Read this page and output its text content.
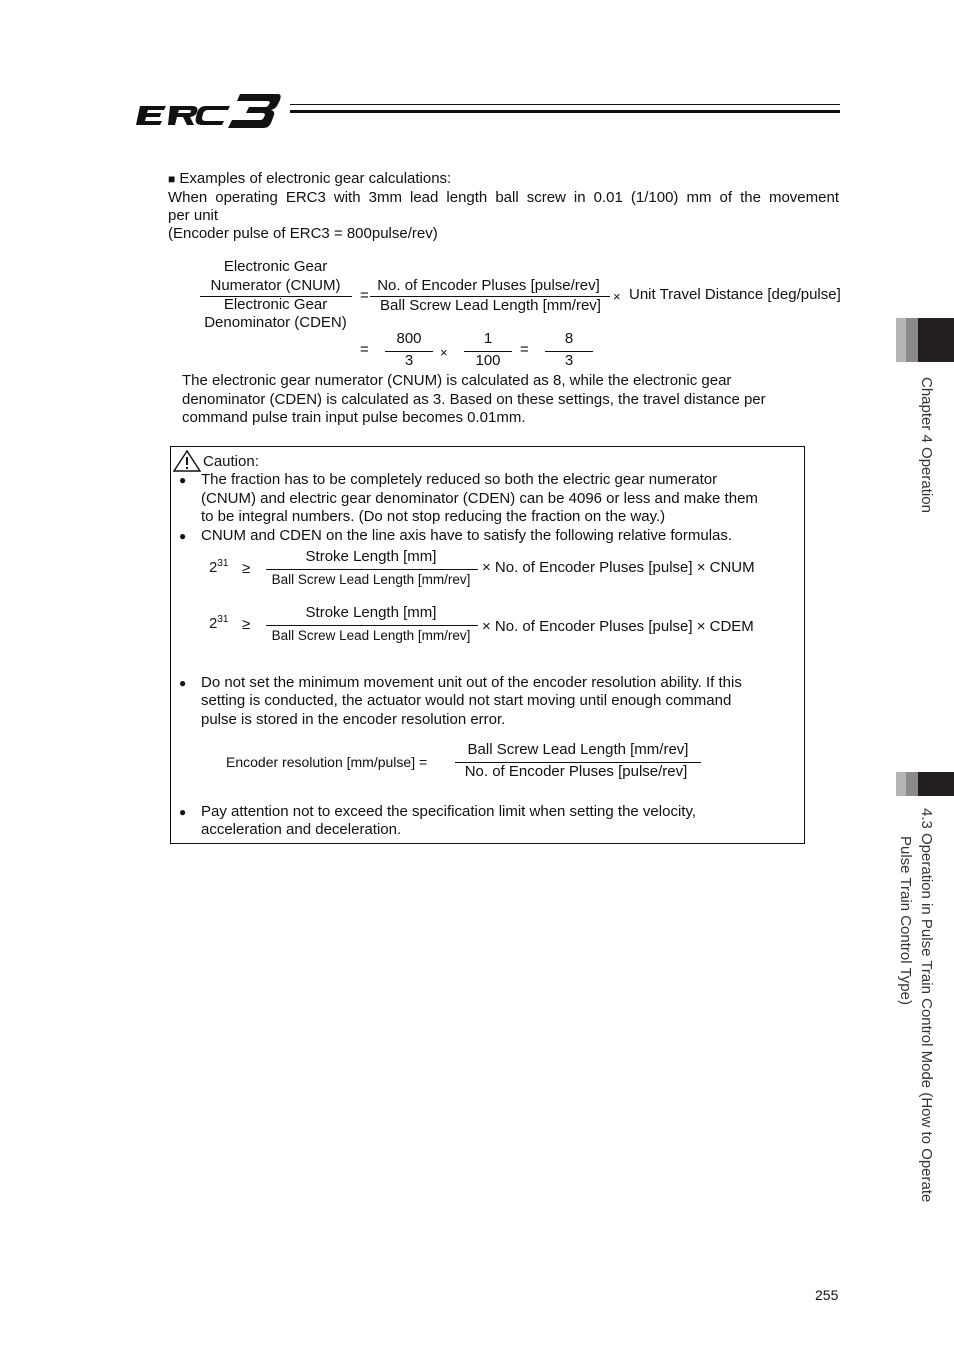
■ Examples of electronic gear calculations:
When operating ERC3 with 3mm lead length ball screw in 0.01 (1/100) mm of the movement
per unit
(Encoder pulse of ERC3 = 800pulse/rev)
Electronic Gear
Numerator (CNUM)
Electronic Gear
Denominator (CDEN)
=
No. of Encoder Pluses [pulse/rev]
Ball Screw Lead Length [mm/rev]
× Unit Travel Distance [deg/pulse]
=
800
3	×
1
100
=
8
3
The electronic gear numerator (CNUM) is calculated as 8, while the electronic gear
denominator (CDEN) is calculated as 3. Based on these settings, the travel distance per
command pulse train input pulse becomes 0.01mm.
Caution:
● The fraction has to be completely reduced so both the electric gear numerator
(CNUM) and electric gear denominator (CDEN) can be 4096 or less and make them
to be integral numbers. (Do not stop reducing the fraction on the way.)
● CNUM and CDEN on the line axis have to satisfy the following relative formulas.
$2^{31}$ ≥
Stroke Length [mm]
Ball Screw Lead Length [mm/rev]
× No. of Encoder Pluses [pulse] × CNUM
$2^{31}$ ≥
Stroke Length [mm]
Ball Screw Lead Length [mm/rev]
× No. of Encoder Pluses [pulse] × CDEM
● Do not set the minimum movement unit out of the encoder resolution ability. If this
setting is conducted, the actuator would not start moving until enough command
pulse is stored in the encoder resolution error.
Encoder resolution [mm/pulse] =
Ball Screw Lead Length [mm/rev]
No. of Encoder Pluses [pulse/rev]
● Pay attention not to exceed the specification limit when setting the velocity,
acceleration and deceleration.
Chapter 4 Operation
4.3 Operation in Pulse Train Control Mode (How to Operate
Pulse Train Control Type)
255
